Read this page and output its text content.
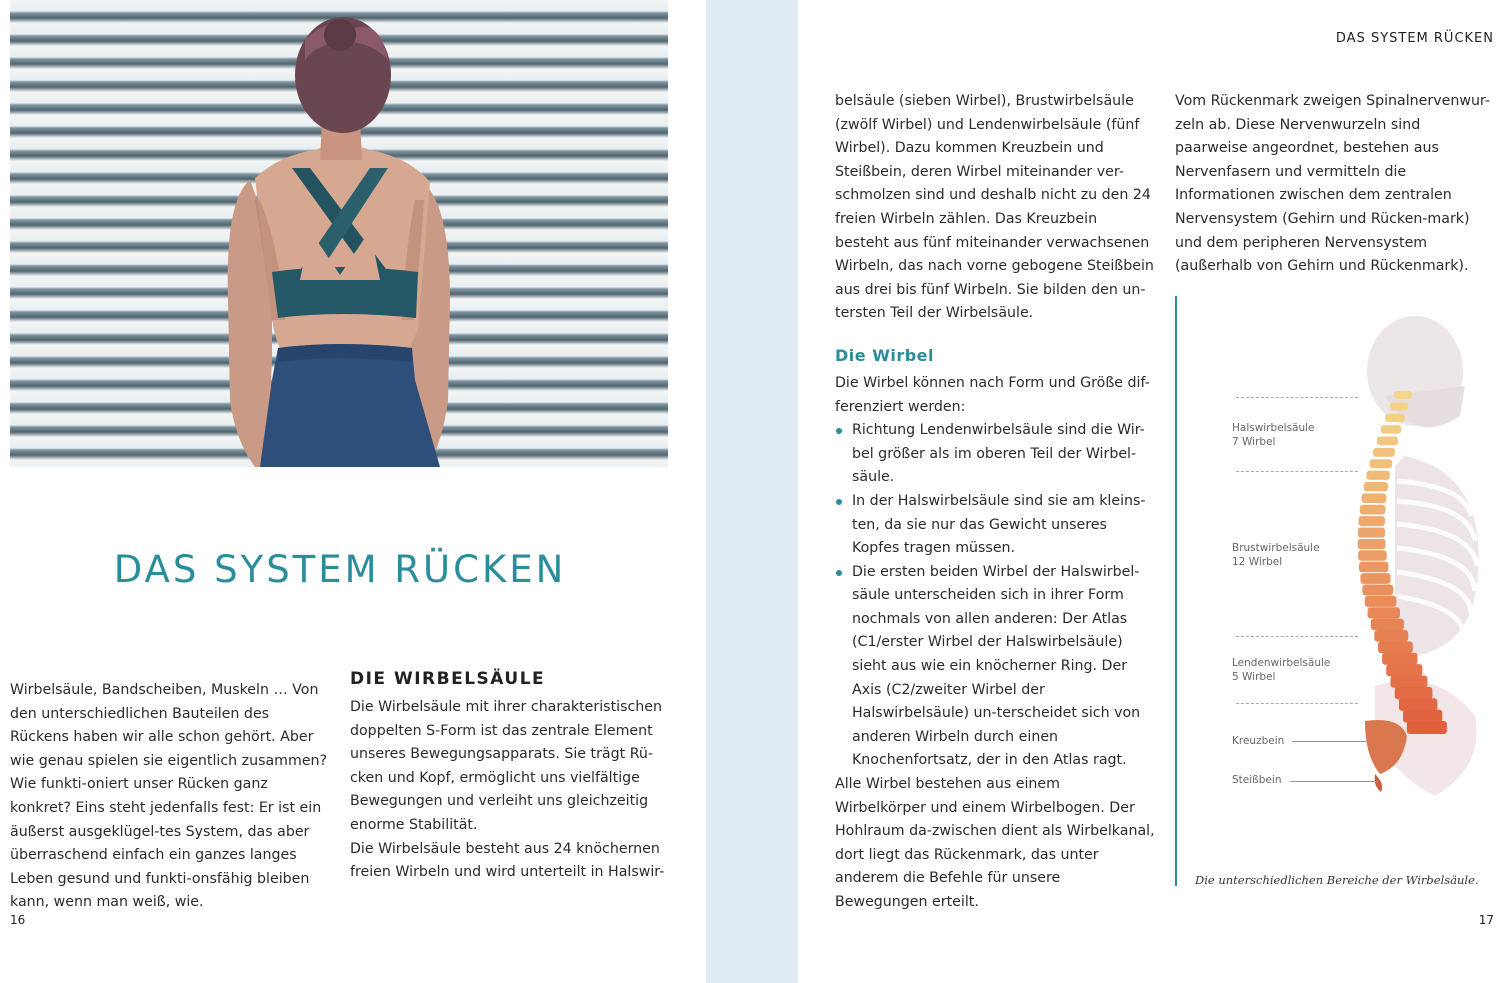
DAS SYSTEM RÜCKEN

Wirbelsäule, Bandscheiben, Muskeln … Von den unterschiedlichen Bauteilen des Rückens haben wir alle schon gehört. Aber wie genau spielen sie eigentlich zusammen? Wie funkti-oniert unser Rücken ganz konkret? Eins steht jedenfalls fest: Er ist ein äußerst ausgeklügel-tes System, das aber überraschend einfach ein ganzes langes Leben gesund und funkti-onsfähig bleiben kann, wenn man weiß, wie.

DIE WIRBELSÄULE

Die Wirbelsäule mit ihrer charakteristischen doppelten S-Form ist das zentrale Element unseres Bewegungsapparats. Sie trägt Rü-cken und Kopf, ermöglicht uns vielfältige Bewegungen und verleiht uns gleichzeitig enorme Stabilität.

Die Wirbelsäule besteht aus 24 knöchernen freien Wirbeln und wird unterteilt in Halswir-

16
DAS SYSTEM RÜCKEN

belsäule (sieben Wirbel), Brustwirbelsäule (zwölf Wirbel) und Lendenwirbelsäule (fünf Wirbel). Dazu kommen Kreuzbein und Steißbein, deren Wirbel miteinander ver-schmolzen sind und deshalb nicht zu den 24 freien Wirbeln zählen. Das Kreuzbein besteht aus fünf miteinander verwachsenen Wirbeln, das nach vorne gebogene Steißbein aus drei bis fünf Wirbeln. Sie bilden den un-tersten Teil der Wirbelsäule.

Die Wirbel

Die Wirbel können nach Form und Größe dif-ferenziert werden:

Richtung Lendenwirbelsäule sind die Wir-bel größer als im oberen Teil der Wirbel-säule.
In der Halswirbelsäule sind sie am kleins-ten, da sie nur das Gewicht unseres Kopfes tragen müssen.
Die ersten beiden Wirbel der Halswirbel-säule unterscheiden sich in ihrer Form nochmals von allen anderen: Der Atlas (C1/erster Wirbel der Halswirbelsäule) sieht aus wie ein knöcherner Ring. Der Axis (C2/zweiter Wirbel der Halswirbelsäule) un-terscheidet sich von anderen Wirbeln durch einen Knochenfortsatz, der in den Atlas ragt.

Alle Wirbel bestehen aus einem Wirbelkörper und einem Wirbelbogen. Der Hohlraum da-zwischen dient als Wirbelkanal, dort liegt das Rückenmark, das unter anderem die Befehle für unsere Bewegungen erteilt.

Vom Rückenmark zweigen Spinalnervenwur-zeln ab. Diese Nervenwurzeln sind paarweise angeordnet, bestehen aus Nervenfasern und vermitteln die Informationen zwischen dem zentralen Nervensystem (Gehirn und Rücken-mark) und dem peripheren Nervensystem (außerhalb von Gehirn und Rückenmark).

Halswirbelsäule
7 Wirbel
Brustwirbelsäule
12 Wirbel
Lendenwirbelsäule
5 Wirbel
Kreuzbein
Steißbein
Die unterschiedlichen Bereiche der Wirbelsäule.
17
